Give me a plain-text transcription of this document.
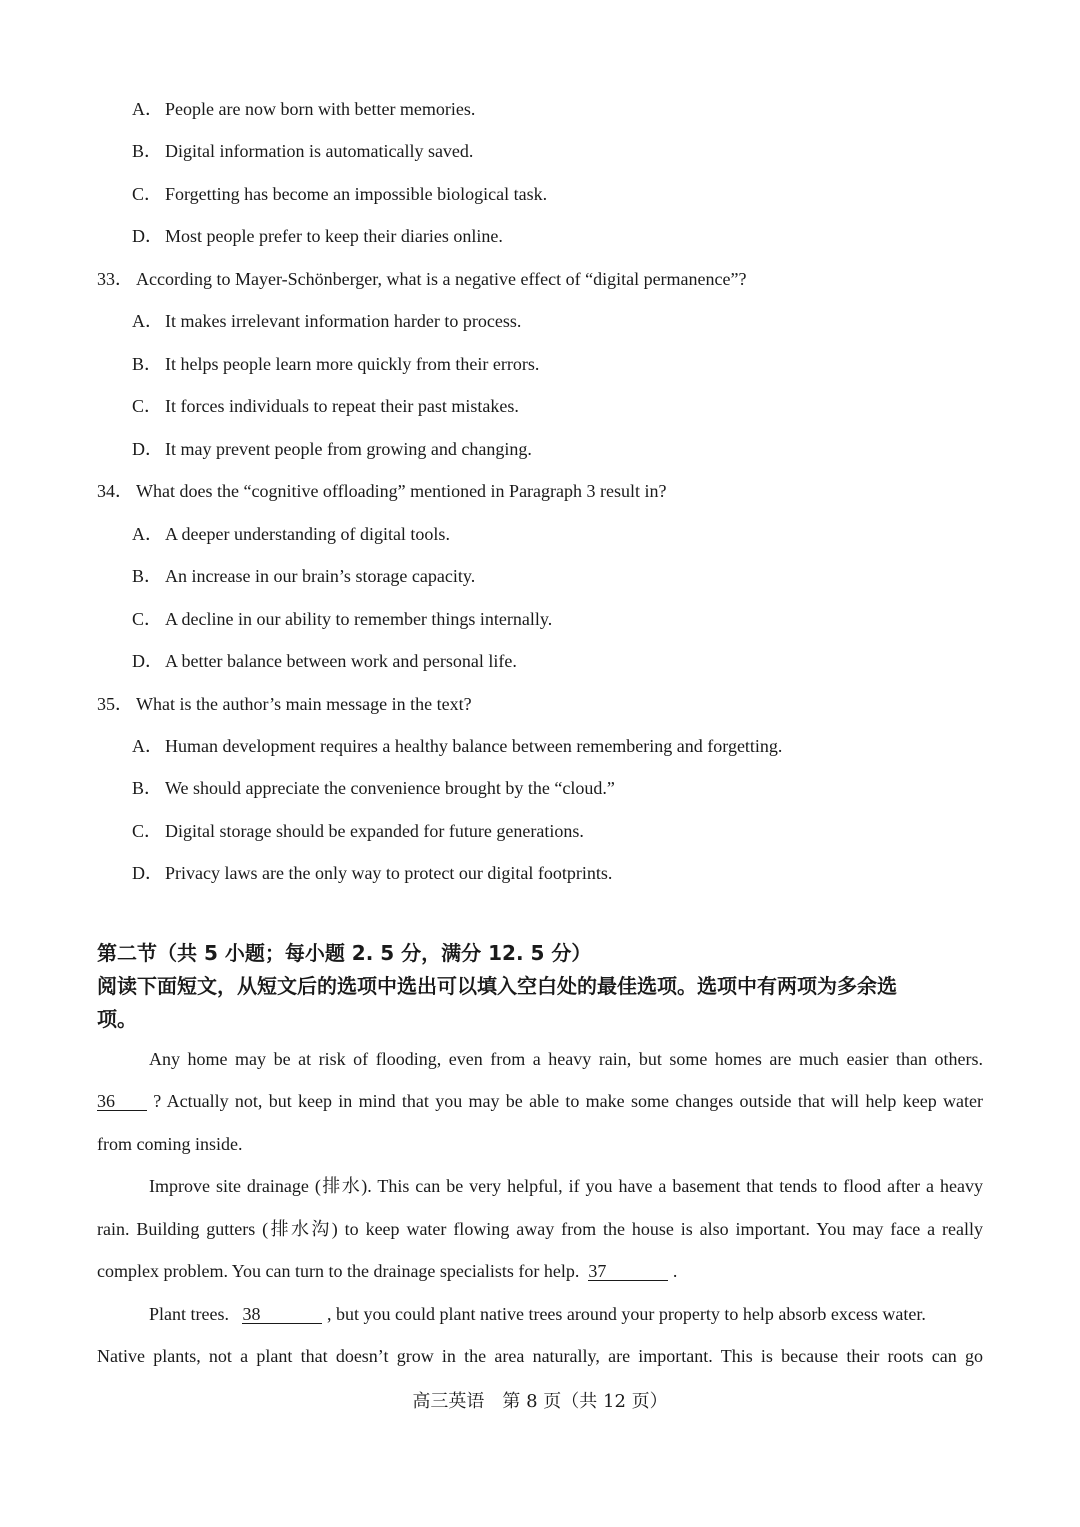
A． People are now born with better memories.
B． Digital information is automatically saved.
C． Forgetting has become an impossible biological task.
D． Most people prefer to keep their diaries online.
33． According to Mayer-Schönberger, what is a negative effect of “digital permanence”?
A． It makes irrelevant information harder to process.
B． It helps people learn more quickly from their errors.
C． It forces individuals to repeat their past mistakes.
D． It may prevent people from growing and changing.
34． What does the “cognitive offloading” mentioned in Paragraph 3 result in?
A． A deeper understanding of digital tools.
B． An increase in our brain’s storage capacity.
C． A decline in our ability to remember things internally.
D． A better balance between work and personal life.
35． What is the author’s main message in the text?
A． Human development requires a healthy balance between remembering and forgetting.
B． We should appreciate the convenience brought by the “cloud.”
C． Digital storage should be expanded for future generations.
D． Privacy laws are the only way to protect our digital footprints.
第二节（共 5 小题；每小题 2. 5 分，满分 12. 5 分）
阅读下面短文，从短文后的选项中选出可以填入空白处的最佳选项。选项中有两项为多余选
项。
Any home may be at risk of flooding, even from a heavy rain, but some homes are much easier than others.
36 ? Actually not, but keep in mind that you may be able to make some changes outside that will help keep water
from coming inside.
Improve site drainage (排水). This can be very helpful, if you have a basement that tends to flood after a heavy
rain. Building gutters (排水沟) to keep water flowing away from the house is also important. You may face a really
complex problem. You can turn to the drainage specialists for help. 37	.
Plant trees. 38	, but you could plant native trees around your property to help absorb excess water.
Native plants, not a plant that doesn’t grow in the area naturally, are important. This is because their roots can go
高三英语　第 8 页（共 12 页）
